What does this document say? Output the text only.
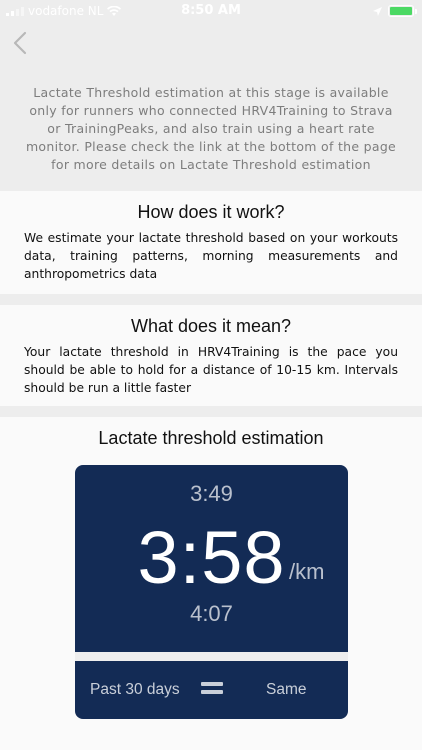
vodafone NL	8:50 AM
Lactate Threshold estimation at this stage is available only for runners who connected HRV4Training to Strava or TrainingPeaks, and also train using a heart rate monitor. Please check the link at the bottom of the page for more details on Lactate Threshold estimation
How does it work?

We estimate your lactate threshold based on your workouts data, training patterns, morning measurements and anthropometrics data

What does it mean?

Your lactate threshold in HRV4Training is the pace you should be able to hold for a distance of 10-15 km. Intervals should be run a little faster

Lactate threshold estimation
3:49
3:58 /km
4:07
Past 30 days	Same
